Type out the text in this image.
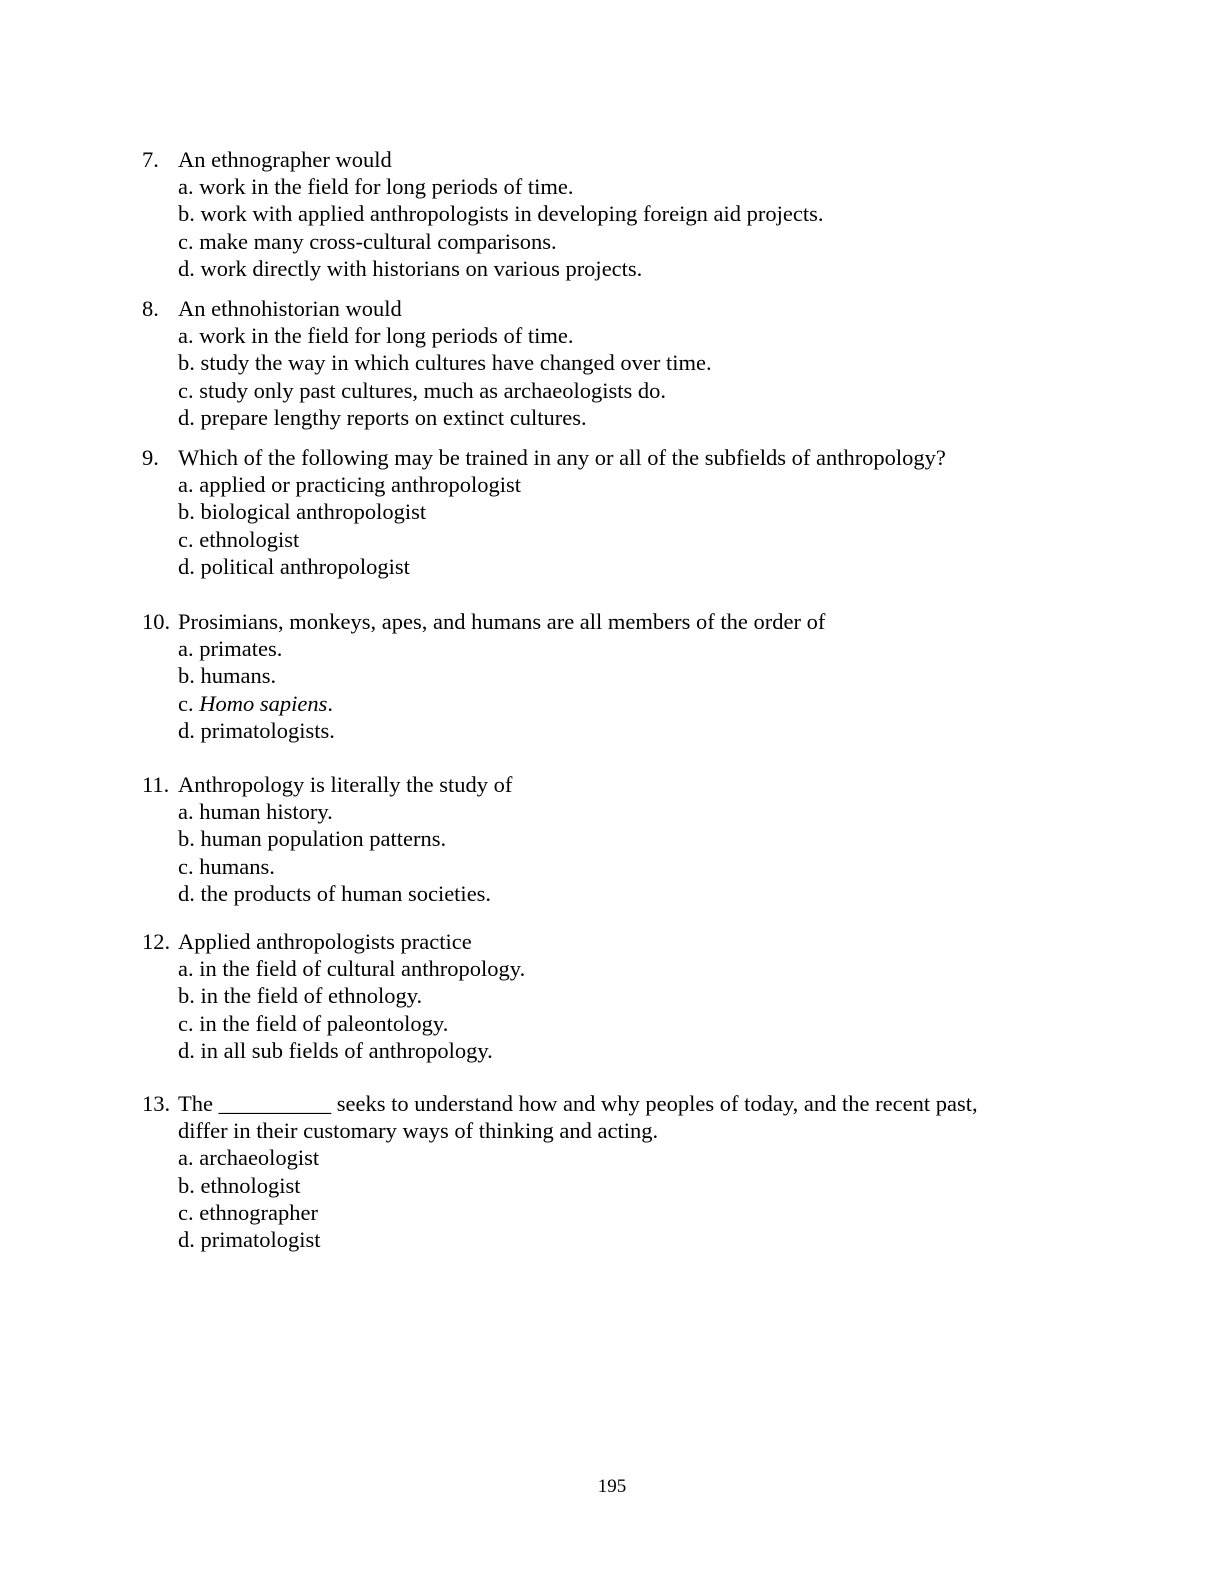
7. An ethnographer would
a. work in the field for long periods of time.
b. work with applied anthropologists in developing foreign aid projects.
c. make many cross-cultural comparisons.
d. work directly with historians on various projects.
8. An ethnohistorian would
a. work in the field for long periods of time.
b. study the way in which cultures have changed over time.
c. study only past cultures, much as archaeologists do.
d. prepare lengthy reports on extinct cultures.
9. Which of the following may be trained in any or all of the subfields of anthropology?
a. applied or practicing anthropologist
b. biological anthropologist
c. ethnologist
d. political anthropologist
10. Prosimians, monkeys, apes, and humans are all members of the order of
a. primates.
b. humans.
c. Homo sapiens.
d. primatologists.
11. Anthropology is literally the study of
a. human history.
b. human population patterns.
c. humans.
d. the products of human societies.
12. Applied anthropologists practice
a. in the field of cultural anthropology.
b. in the field of ethnology.
c. in the field of paleontology.
d. in all sub fields of anthropology.
13. The __________ seeks to understand how and why peoples of today, and the recent past,
differ in their customary ways of thinking and acting.
a. archaeologist
b. ethnologist
c. ethnographer
d. primatologist
195
